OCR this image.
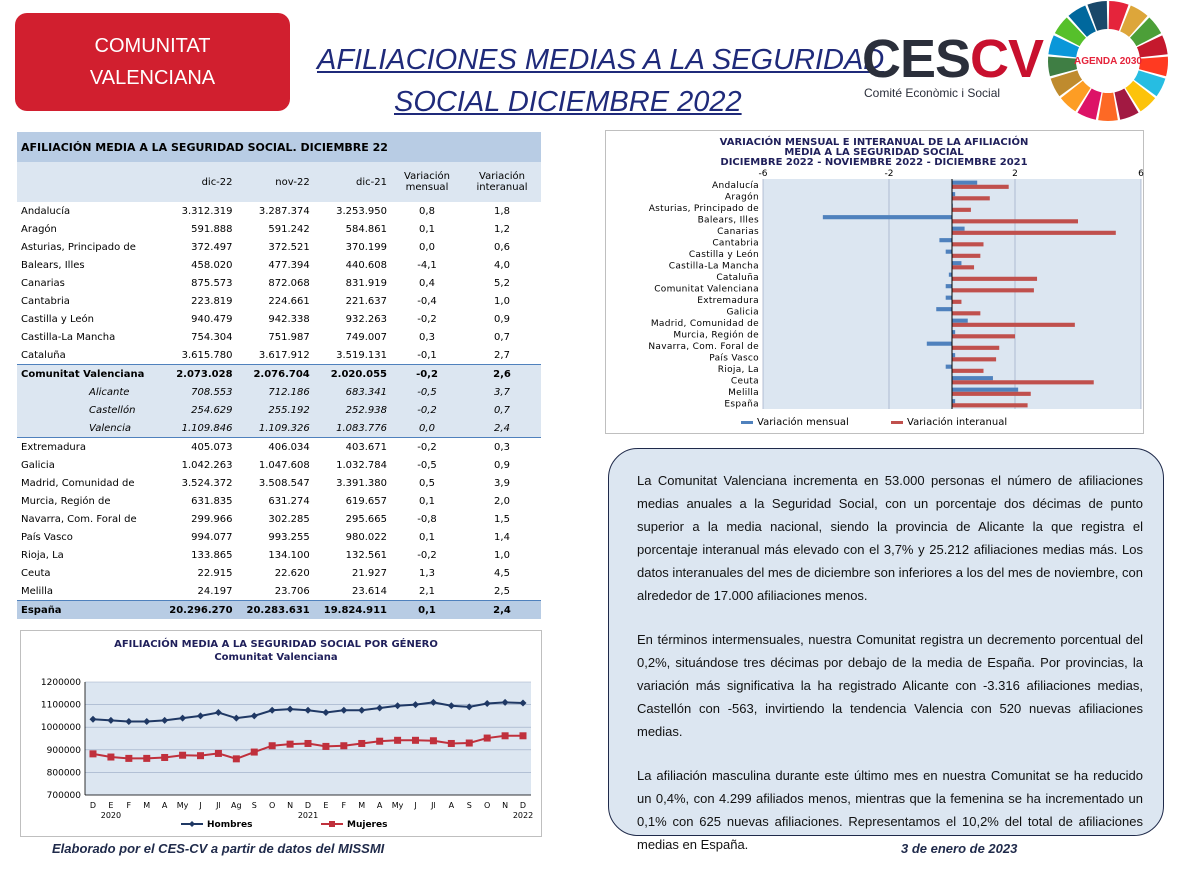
COMUNITAT
VALENCIANA
AFILIACIONES MEDIAS A LA SEGURIDAD
SOCIAL DICIEMBRE 2022
CESCV
Comité Econòmic i Social
AGENDA 2030
AFILIACIÓN MEDIA A LA SEGURIDAD SOCIAL. DICIEMBRE 22					
	dic-22	nov-22	dic-21	Variación mensual	Variación interanual
Andalucía	3.312.319	3.287.374	3.253.950	0,8	1,8
Aragón	591.888	591.242	584.861	0,1	1,2
Asturias, Principado de	372.497	372.521	370.199	0,0	0,6
Balears, Illes	458.020	477.394	440.608	-4,1	4,0
Canarias	875.573	872.068	831.919	0,4	5,2
Cantabria	223.819	224.661	221.637	-0,4	1,0
Castilla y León	940.479	942.338	932.263	-0,2	0,9
Castilla-La Mancha	754.304	751.987	749.007	0,3	0,7
Cataluña	3.615.780	3.617.912	3.519.131	-0,1	2,7
Comunitat Valenciana	2.073.028	2.076.704	2.020.055	-0,2	2,6
Alicante	708.553	712.186	683.341	-0,5	3,7
Castellón	254.629	255.192	252.938	-0,2	0,7
Valencia	1.109.846	1.109.326	1.083.776	0,0	2,4
Extremadura	405.073	406.034	403.671	-0,2	0,3
Galicia	1.042.263	1.047.608	1.032.784	-0,5	0,9
Madrid, Comunidad de	3.524.372	3.508.547	3.391.380	0,5	3,9
Murcia, Región de	631.835	631.274	619.657	0,1	2,0
Navarra, Com. Foral de	299.966	302.285	295.665	-0,8	1,5
País Vasco	994.077	993.255	980.022	0,1	1,4
Rioja, La	133.865	134.100	132.561	-0,2	1,0
Ceuta	22.915	22.620	21.927	1,3	4,5
Melilla	24.197	23.706	23.614	2,1	2,5
España	20.296.270	20.283.631	19.824.911	0,1	2,4
VARIACIÓN MENSUAL E INTERANUAL DE LA AFILIACIÓN
MEDIA A LA SEGURIDAD SOCIAL
DICIEMBRE 2022 - NOVIEMBRE 2022 - DICIEMBRE 2021
-6	-2	2	6
Andalucía
Aragón
Asturias, Principado de
Balears, Illes
Canarias
Cantabria
Castilla y León
Castilla-La Mancha
Cataluña
Comunitat Valenciana
Extremadura
Galicia
Madrid, Comunidad de
Murcia, Región de
Navarra, Com. Foral de
País Vasco
Rioja, La
Ceuta
Melilla
España
Variación mensual	Variación interanual
AFILIACIÓN MEDIA A LA SEGURIDAD SOCIAL POR GÉNERO
Comunitat Valenciana
700000
800000
900000
1000000
1100000
1200000
D E F M A My J Jl Ag S O N D E F M A My J Jl A S O N D
2020	2021	2022
Hombres	Mujeres

La Comunitat Valenciana incrementa en 53.000 personas el número de afiliaciones medias anuales a la Seguridad Social, con un porcentaje dos décimas de punto superior a la media nacional, siendo la provincia de Alicante la que registra el porcentaje interanual más elevado con el 3,7% y 25.212 afiliaciones medias más. Los datos interanuales del mes de diciembre son inferiores a los del mes de noviembre, con alrededor de 17.000 afiliaciones menos.

En términos intermensuales, nuestra Comunitat registra un decremento porcentual del 0,2%, situándose tres décimas por debajo de la media de España. Por provincias, la variación más significativa la ha registrado Alicante con -3.316 afiliaciones medias, Castellón con -563, invirtiendo la tendencia Valencia con 520 nuevas afiliaciones medias.

La afiliación masculina durante este último mes en nuestra Comunitat se ha reducido un 0,4%, con 4.299 afiliados menos, mientras que la femenina se ha incrementado un 0,1% con 625 nuevas afiliaciones. Representamos el 10,2% del total de afiliaciones medias en España.

Elaborado por el CES-CV a partir de datos del MISSMI	3 de enero de 2023
